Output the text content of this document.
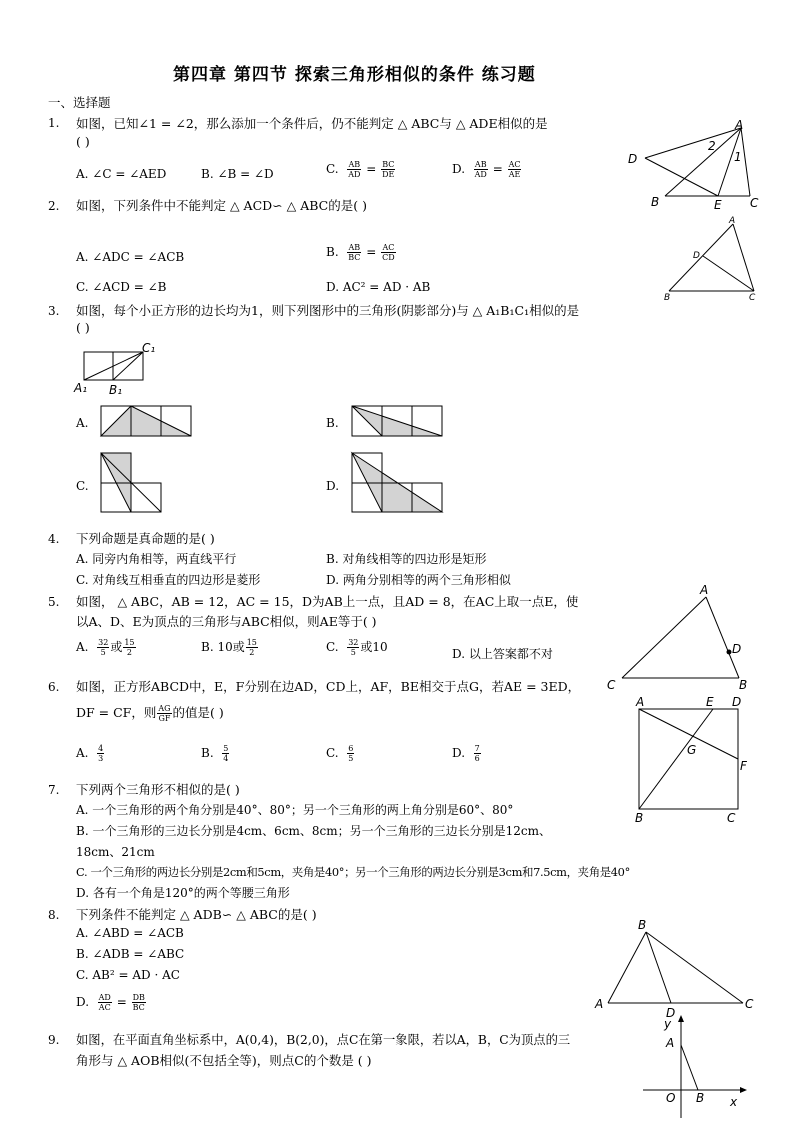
第四章 第四节 探索三角形相似的条件 练习题
一、选择题
1. 如图，已知∠1 = ∠2，那么添加一个条件后，仍不能判定 △ ABC与 △ ADE相似的是
( )
A. ∠C = ∠AED	B. ∠B = ∠D	C. $\frac{AB}{AD} = \frac{BC}{DE}$	D. $\frac{AB}{AD} = \frac{AC}{AE}$
A
D
B	E C
2
1
2. 如图，下列条件中不能判定 △ ACD∽ △ ABC的是( )
A. ∠ADC = ∠ACB	B. $\frac{AB}{BC} = \frac{AC}{CD}$
C. ∠ACD = ∠B	D. AC² = AD · AB
A
D
B	C
3. 如图，每个小正方形的边长均为1，则下列图形中的三角形(阴影部分)与 △ A₁B₁C₁相似的是
( )
C₁
A₁ B₁
A.	B.
C.	D.
4. 下列命题是真命题的是( )
A. 同旁内角相等，两直线平行	B. 对角线相等的四边形是矩形
C. 对角线互相垂直的四边形是菱形	D. 两角分别相等的两个三角形相似
5. 如图， △ ABC，AB = 12，AC = 15，D为AB上一点，且AD = 8，在AC上取一点E，使
以A、D、E为顶点的三角形与ABC相似，则AE等于( )
A. $\frac{32}{5}$ 或 $\frac{15}{2}$	B. 10或 $\frac{15}{2}$	C. $\frac{32}{5}$ 或10	D. 以上答案都不对
A
D
C	B
6. 如图，正方形ABCD中，E，F分别在边AD，CD上，AF，BE相交于点G，若AE = 3ED，
DF = CF，则 $\frac{AG}{GF}$ 的值是( )
A. $\frac{4}{3}$	B. $\frac{5}{4}$	C. $\frac{6}{5}$	D. $\frac{7}{6}$
A	E D
G
F
B	C
7. 下列两个三角形不相似的是( )
A. 一个三角形的两个角分别是40°、80°；另一个三角形的两上角分别是60°、80°
B. 一个三角形的三边长分别是4cm、6cm、8cm；另一个三角形的三边长分别是12cm、
18cm、21cm
C. 一个三角形的两边长分别是2cm和5cm，夹角是40°；另一个三角形的两边长分别是3cm和7.5cm，夹角是40°
D. 各有一个角是120°的两个等腰三角形
8. 下列条件不能判定 △ ADB∽ △ ABC的是( )
A. ∠ABD = ∠ACB
B. ∠ADB = ∠ABC
C. AB² = AD · AC
D. $\frac{AD}{AC} = \frac{DB}{BC}$
B
A
D
C
9. 如图，在平面直角坐标系中，A(0,4)，B(2,0)，点C在第一象限，若以A，B，C为顶点的三
角形与 △ AOB相似(不包括全等)，则点C的个数是 ( )
y
A
O B x
